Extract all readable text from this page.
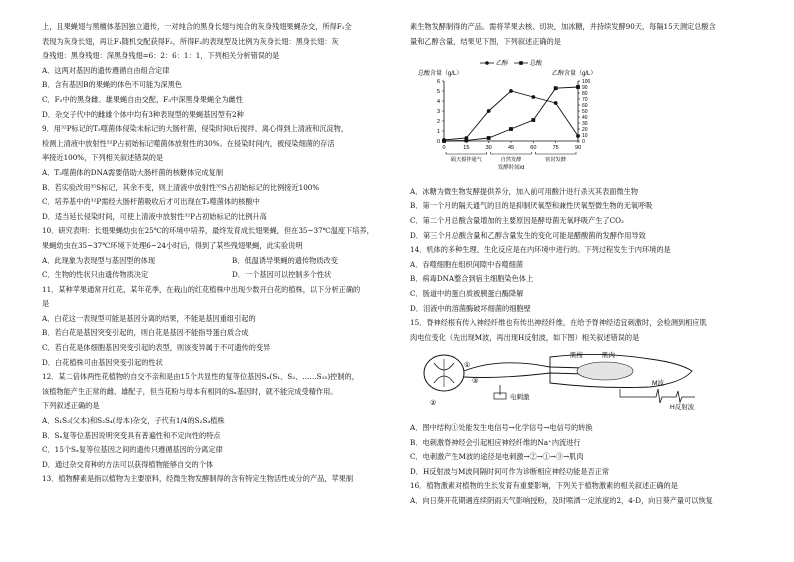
上，且果蝇翅与黑檀体基因独立遗传，一对纯合的黑身长翅与纯合的灰身残翅果蝇杂交，所得F₁全
表现为灰身长翅，再让F₁随机交配获得F₂，所得F₂的表现型及比例为灰身长翅：黑身长翅：灰
身残翅：黑身残翅：深黑身残翅=6：2：6：1：1，下列相关分析错误的是
A．这两对基因的遗传遵循自由组合定律
B．含有基因B的果蝇的体色不可能为深黑色
C．F₂中的黑身雌、雄果蝇自由交配，F₃中深黑身果蝇全为雌性
D．杂交子代中的雌雄个体中均有3种表现型的果蝇基因型有2种
9．用³²P标记的T₂噬菌体侵染未标记的大肠杆菌，侵染时间t后搅拌、离心得到上清液和沉淀物，
检测上清液中放射性³²P占初始标记噬菌体放射性的30%。在侵染时间内，被侵染细菌的存活
率接近100%，下列相关叙述错误的是
A．T₂噬菌体的DNA需要借助大肠杆菌的核糖体完成复制
B．若实验改用³⁵S标记，其余不变，则上清液中放射性³⁵S占初始标记的比例接近100%
C．培养基中的³²P需经大肠杆菌吸收后才可出现在T₂噬菌体的核酸中
D．适当延长侵染时间，可使上清液中放射性³²P占初始标记的比例升高
10．研究表明：长翅果蝇幼虫在25℃的环境中培养，最终发育成长翅果蝇，但在35~37℃温度下培养，
果蝇幼虫在35~37℃环境下处理6~24小时后，得到了某些残翅果蝇，此实验说明
A．此现象为表现型与基因型的体现	B．低温诱导果蝇的遗传物质改变
C．生物的性状只由遗传物质决定	D．一个基因可以控制多个性状
11．某种苹果通常开红花，某年花季，在栽山的红花植株中出现少数开白花的植株，以下分析正确的
是
A．白花这一表现型可能是基因分离的结果，不能是基因重组引起的
B．若白花是基因突变引起的，则白花是基因不能指导蛋白质合成
C．若白花是体细胞基因突变引起的表型，则该变异属于不可遗传的变异
D．白花植株可由基因突变引起的性状
12．某二倍体两性花植物的自交不亲和是由15个共显性的复等位基因Sₓ(S₁、S₂、……S₁₅)控制的，
该植物能产生正常的雌、雄配子，但当花粉与母本有相同的Sₓ基因时，就不能完成受精作用。
下列叙述正确的是
A．S₁S₂(父本)和S₂S₄(母本)杂交，子代有1/4的S₂S₄植株
B．Sₓ复等位基因说明突变具有普遍性和不定向性的特点
C．15个Sₓ复等位基因之间的遗传只遵循基因的分离定律
D．通过杂交育种的方法可以获得植物能够自交的个体
13．植物酵素是指以植物为主要原料，经微生物发酵制得的含有特定生物活性成分的产品，苹果制
素生物发酵制得的产品。需将苹果去核、切块，加冰糖，并持续发酵90天，每隔15天测定总酸含
量和乙醇含量，结果见下图，下列叙述正确的是
总酸含量（g/L）	乙醇含量（g/L）
乙醇	总酸
0
1
2
3
4
5
6
0
10
20
30
40
50
60
70
80
90
100
0	15	30	45	60	75	90
隔天搅拌通气	自然发酵	密封发酵
发酵时间/d
A．冰糖为微生物发酵提供养分，加入前可用酸汁进行杀灭其表面微生物
B．第一个月的隔天通气的目的是抑制厌氧型和兼性厌氧型微生物的无氧呼吸
C．第二个月总酸含量增加的主要原因是酵母菌无氧呼吸产生了CO₂
D．第三个月总酸含量和乙醇含量发生的变化可能是醋酸菌的发酵作用导致
14．机体的多种生理、生化反应是在内环境中进行的。下列过程发生于内环境的是
A．吞噬细胞在组织间隙中吞噬细菌
B．病毒DNA整合到宿主细胞染色体上
C．肠道中的蛋白质被胰蛋白酶降解
D．泪液中的溶菌酶破坏细菌的细胞壁
15．脊神经根有传入神经纤维也有传出神经纤维，在给予脊神经适宜刺激时，会检测到相应肌
肉电位变化（先出现M波，再出现H反射波，如下图）相关叙述错误的是
①
②
③
肌梭	肌肉
电刺激
M波
H反射波
A．图中结构①处能发生电信号→化学信号→电信号的转换
B．电刺激脊神经会引起相应神经纤维的Na⁺内流进行
C．电刺激产生M波的途径是电刺激→②→①→③→肌肉
D．H反射波与M波间隔时间可作为诊断相应神经功能是否正常
16．植物激素对植物的生长发育有重要影响，下列关于植物激素的相关叙述正确的是
A．向日葵开花期遇连续阴雨天气影响授粉，及时喷洒一定浓度的2，4-D，向日葵产量可以恢复
